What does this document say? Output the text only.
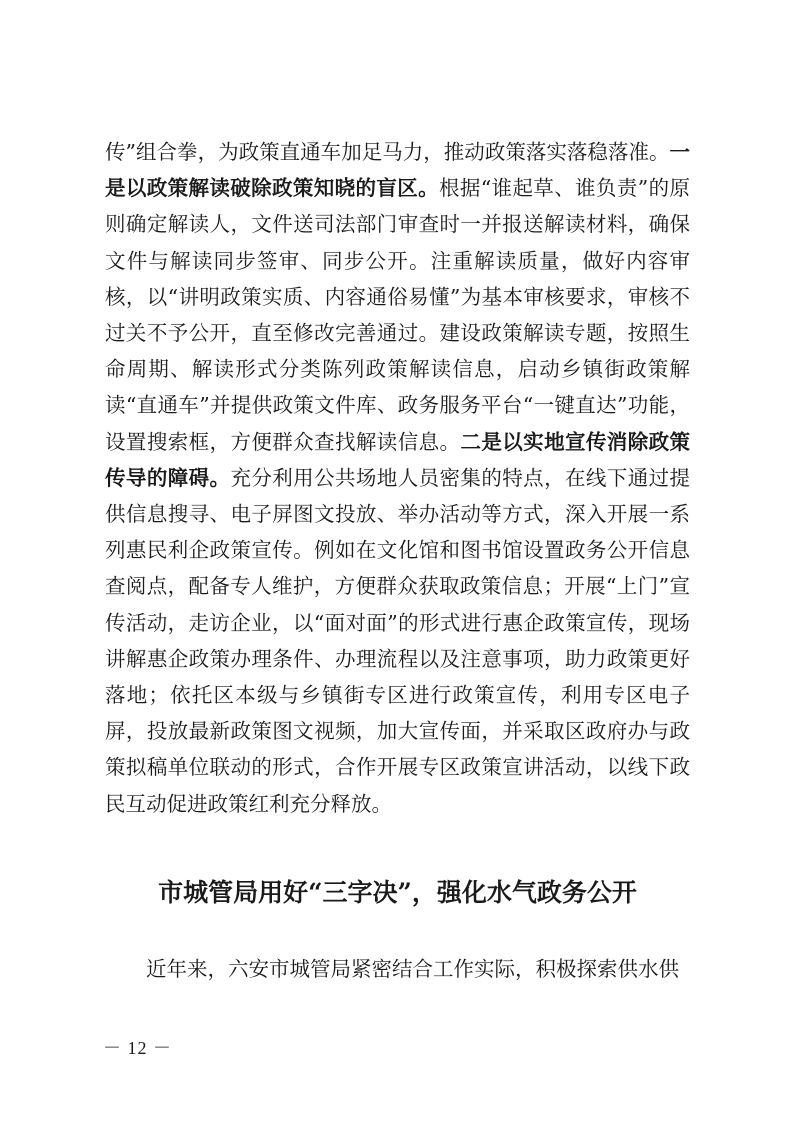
传”组合拳，为政策直通车加足马力，推动政策落实落稳落准。一是以政策解读破除政策知晓的盲区。根据“谁起草、谁负责”的原则确定解读人，文件送司法部门审查时一并报送解读材料，确保文件与解读同步签审、同步公开。注重解读质量，做好内容审核，以“讲明政策实质、内容通俗易懂”为基本审核要求，审核不过关不予公开，直至修改完善通过。建设政策解读专题，按照生命周期、解读形式分类陈列政策解读信息，启动乡镇街政策解读“直通车”并提供政策文件库、政务服务平台“一键直达”功能，设置搜索框，方便群众查找解读信息。二是以实地宣传消除政策传导的障碍。充分利用公共场地人员密集的特点，在线下通过提供信息搜寻、电子屏图文投放、举办活动等方式，深入开展一系列惠民利企政策宣传。例如在文化馆和图书馆设置政务公开信息查阅点，配备专人维护，方便群众获取政策信息；开展“上门”宣传活动，走访企业，以“面对面”的形式进行惠企政策宣传，现场讲解惠企政策办理条件、办理流程以及注意事项，助力政策更好落地；依托区本级与乡镇街专区进行政策宣传，利用专区电子屏，投放最新政策图文视频，加大宣传面，并采取区政府办与政策拟稿单位联动的形式，合作开展专区政策宣讲活动，以线下政民互动促进政策红利充分释放。

市城管局用好“三字决”，强化水气政务公开

近年来，六安市城管局紧密结合工作实际，积极探索供水供

－ 12 －
